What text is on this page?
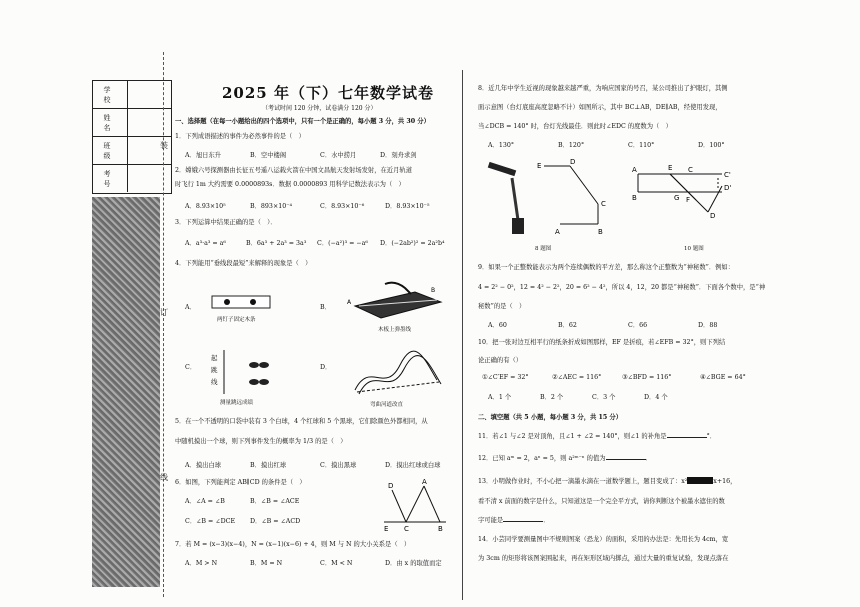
学 校
姓 名
班 级
考 号
装
订
线
2025 年（下）七年数学试卷
（考试时间 120 分钟，试卷满分 120 分）
一、选择题（在每一小题给出的四个选项中，只有一个是正确的，每小题 3 分，共 30 分）
1．下列成语描述的事件为必然事件的是（　）
A．旭日东升	B．空中楼阁	C．水中捞月	D．刻舟求剑
2．嫦娥六号探测器由长征五号遥八运载火箭在中国文昌航天发射场发射，在近月轨道
时飞行 1m 大约需要 0.0000893s．数据 0.0000893 用科学记数法表示为（　）
A．8.93×10⁵	B．893×10⁻⁴	C．8.93×10⁻⁶	D．8.93×10⁻⁵
3．下列运算中结果正确的是（　）．
A．a³·a³ = a⁶	B．6a³ + 2a³ = 3a³ C．(−a²)³ = −a⁶ D．(−2ab²)² = 2a²b⁴
4．下列能用“垂线段最短”来解释的现象是（　）
A．
两钉子固定木条
B．
A
B
木板上弹墨线
C．
起
跳
线
测量跳远成绩
D．
弯曲河道改直
5．在一个不透明的口袋中装有 3 个白球，4 个红球和 5 个黑球，它们除颜色外都相同，从
中随机摸出一个球，则下列事件发生的概率为 1/3 的是（　）
A．摸出白球	B．摸出红球	C．摸出黑球	D．摸出红球或白球
6．如图，下列能判定 AB∥CD 的条件是（　）
A．∠A = ∠B	B．∠B = ∠ACE
C．∠B = ∠DCE D．∠B = ∠ACD
D	A
E C	B
7．若 M = (x−3)(x−4)，N = (x−1)(x−6) + 4，则 M 与 N 的大小关系是（　）
A．M > N	B．M = N	C．M < N	D．由 x 的取值而定
8．近几年中学生近视的现象越来越严重，为响应国家的号召，某公司推出了护眼灯，其侧
面示意图（台灯底座高度忽略不计）如图所示，其中 BC⊥AB，DE∥AB，经使用发现，
当∠DCB = 140° 时，台灯光线最佳．则此时∠EDC 的度数为（　）
A．130°	B．120°	C．110°	D．100°
E	D
C
A	B
8 题图
A	E C
C'
D'
B	G F
D
10 题图
9．如果一个正整数能表示为两个连续偶数的平方差，那么称这个正整数为“神秘数”．例如：
4 = 2² − 0²，12 = 4² − 2²，20 = 6² − 4²，所以 4，12，20 都是“神秘数”．下面各个数中，是“神
秘数”的是（　）
A．60	B．62	C．66	D．88
10．把一张对边互相平行的纸条折成如图那样，EF 是折痕，若∠EFB = 32°，则下列结
论正确的有（）
①∠C′EF = 32°	②∠AEC = 116°	③∠BFD = 116°	④∠BGE = 64°
A．1 个	B．2 个	C．3 个	D．4 个
二、填空题（共 5 小题，每小题 3 分，共 15 分）
11．若∠1 与∠2 是对顶角，且∠1 + ∠2 = 140°，则∠1 的补角是	°．
12．已知 aᵐ = 2，aⁿ = 5，则 a²ᵐ⁻ⁿ 的值为	．
13．小明做作业时，不小心把一滴墨水滴在一道数学题上，题目变成了：x²	x+16，
看不清 x 前面的数字是什么，只知道这是一个完全平方式，请你判断这个被墨水遮住的数
字可能是	．
14．小芸同学要测量图中不规则图案（恐龙）的面积，采用的办法是：先用长为 4cm，宽
为 3cm 的矩形将该图案围起来，再在矩形区域内掷点，通过大量的重复试验，发现点落在
